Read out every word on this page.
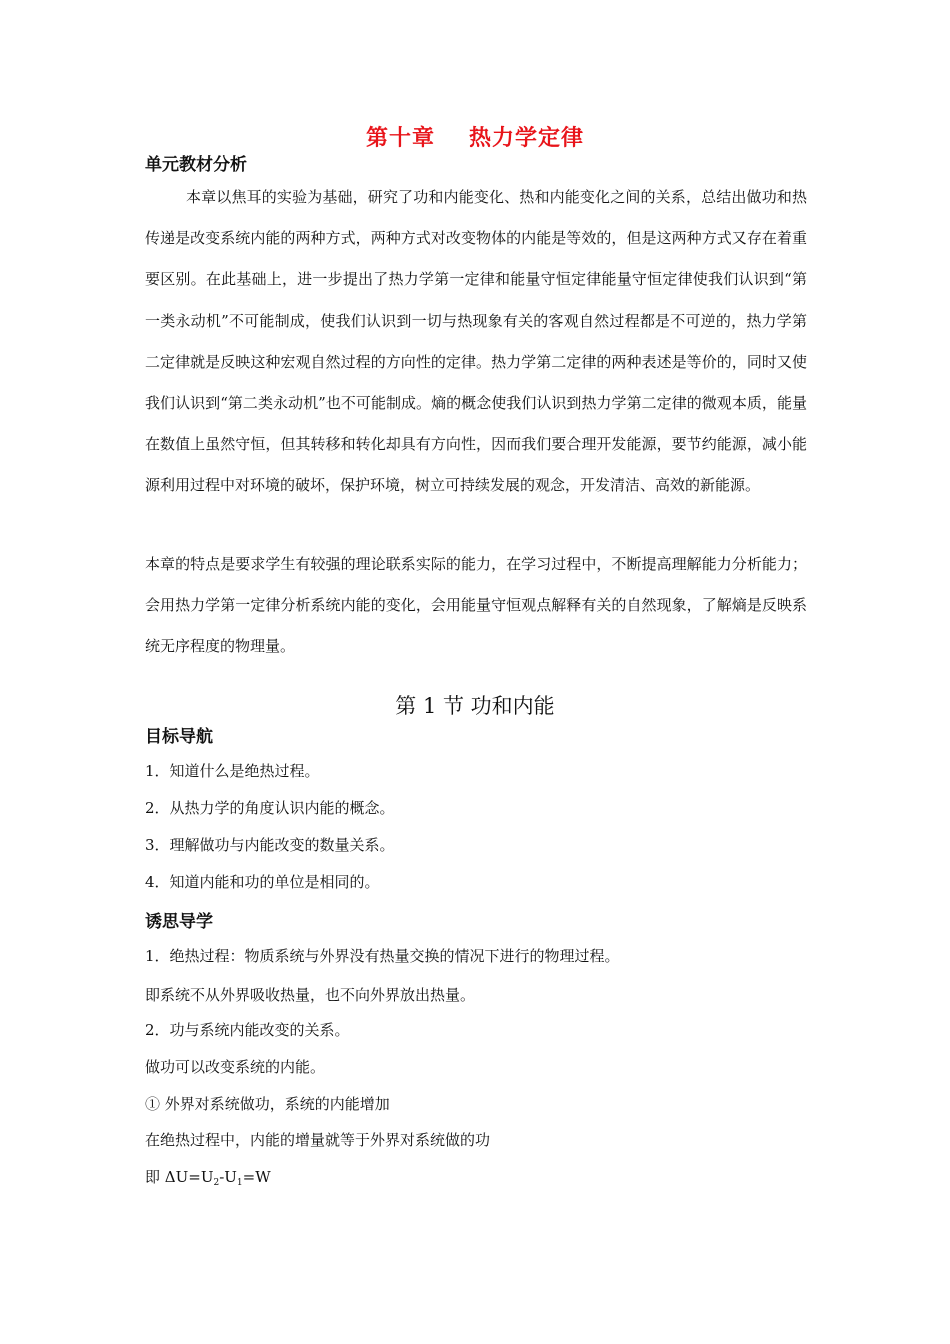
第十章 热力学定律
单元教材分析
本章以焦耳的实验为基础，研究了功和内能变化、热和内能变化之间的关系，总结出做功和热传递是改变系统内能的两种方式，两种方式对改变物体的内能是等效的，但是这两种方式又存在着重要区别。在此基础上，进一步提出了热力学第一定律和能量守恒定律能量守恒定律使我们认识到“第一类永动机”不可能制成，使我们认识到一切与热现象有关的客观自然过程都是不可逆的，热力学第二定律就是反映这种宏观自然过程的方向性的定律。热力学第二定律的两种表述是等价的，同时又使我们认识到“第二类永动机”也不可能制成。熵的概念使我们认识到热力学第二定律的微观本质，能量在数值上虽然守恒，但其转移和转化却具有方向性，因而我们要合理开发能源，要节约能源，减小能源利用过程中对环境的破坏，保护环境，树立可持续发展的观念，开发清洁、高效的新能源。
本章的特点是要求学生有较强的理论联系实际的能力，在学习过程中，不断提高理解能力分析能力；会用热力学第一定律分析系统内能的变化，会用能量守恒观点解释有关的自然现象，了解熵是反映系统无序程度的物理量。
第 1 节 功和内能
目标导航
1．知道什么是绝热过程。
2．从热力学的角度认识内能的概念。
3．理解做功与内能改变的数量关系。
4．知道内能和功的单位是相同的。
诱思导学
1．绝热过程：物质系统与外界没有热量交换的情况下进行的物理过程。
即系统不从外界吸收热量，也不向外界放出热量。
2．功与系统内能改变的关系。
做功可以改变系统的内能。
① 外界对系统做功，系统的内能增加
在绝热过程中，内能的增量就等于外界对系统做的功
即 $\Delta U=U_2-U_1=W$
